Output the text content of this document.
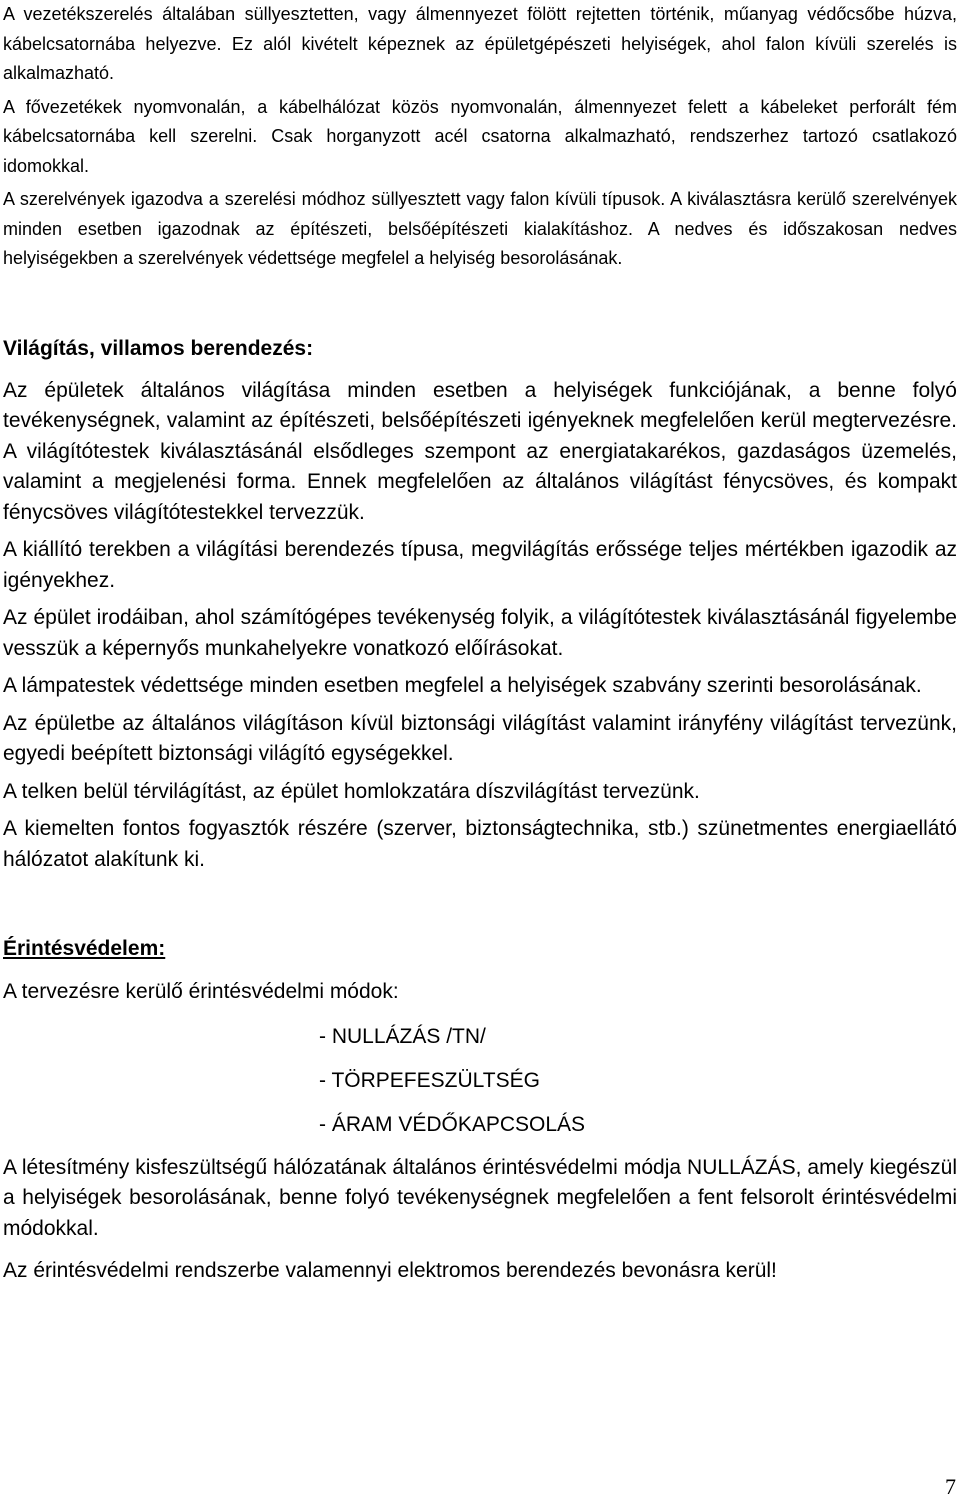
A vezetékszerelés általában süllyesztetten, vagy álmennyezet fölött rejtetten történik, műanyag védőcsőbe húzva, kábelcsatornába helyezve. Ez alól kivételt képeznek az épületgépészeti helyiségek, ahol falon kívüli szerelés is alkalmazható.

A fővezetékek nyomvonalán, a kábelhálózat közös nyomvonalán, álmennyezet felett a kábeleket perforált fém kábelcsatornába kell szerelni. Csak horganyzott acél csatorna alkalmazható, rendszerhez tartozó csatlakozó idomokkal.

A szerelvények igazodva a szerelési módhoz süllyesztett vagy falon kívüli típusok. A kiválasztásra kerülő szerelvények minden esetben igazodnak az építészeti, belsőépítészeti kialakításhoz. A nedves és időszakosan nedves helyiségekben a szerelvények védettsége megfelel a helyiség besorolásának.

Világítás, villamos berendezés:

Az épületek általános világítása minden esetben a helyiségek funkciójának, a benne folyó tevékenységnek, valamint az építészeti, belsőépítészeti igényeknek megfelelően kerül megtervezésre. A világítótestek kiválasztásánál elsődleges szempont az energiatakarékos, gazdaságos üzemelés, valamint a megjelenési forma. Ennek megfelelően az általános világítást fénycsöves, és kompakt fénycsöves világítótestekkel tervezzük.

A kiállító terekben a világítási berendezés típusa, megvilágítás erőssége teljes mértékben igazodik az igényekhez.

Az épület irodáiban, ahol számítógépes tevékenység folyik, a világítótestek kiválasztásánál figyelembe vesszük a képernyős munkahelyekre vonatkozó előírásokat.

A lámpatestek védettsége minden esetben megfelel a helyiségek szabvány szerinti besorolásának.

Az épületbe az általános világításon kívül biztonsági világítást valamint irányfény világítást tervezünk, egyedi beépített biztonsági világító egységekkel.

A telken belül térvilágítást, az épület homlokzatára díszvilágítást tervezünk.

A kiemelten fontos fogyasztók részére (szerver, biztonságtechnika, stb.) szünetmentes energiaellátó hálózatot alakítunk ki.

Érintésvédelem:

A tervezésre kerülő érintésvédelmi módok:

- NULLÁZÁS /TN/
- TÖRPEFESZÜLTSÉG
- ÁRAM VÉDŐKAPCSOLÁS

A létesítmény kisfeszültségű hálózatának általános érintésvédelmi módja NULLÁZÁS, amely kiegészül a helyiségek besorolásának, benne folyó tevékenységnek megfelelően a fent felsorolt érintésvédelmi módokkal.

Az érintésvédelmi rendszerbe valamennyi elektromos berendezés bevonásra kerül!

7
